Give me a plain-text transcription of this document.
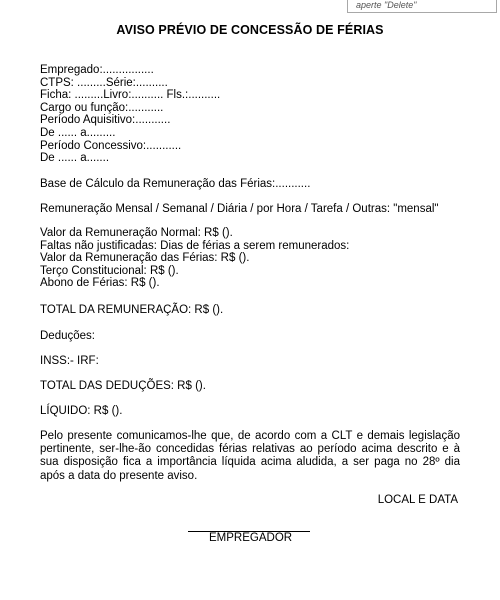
aperte "Delete"
AVISO PRÉVIO DE CONCESSÃO DE FÉRIAS
Empregado:................
CTPS: .........Série:..........
Ficha: .........Livro:.......... Fls.:..........
Cargo ou função:...........
Período Aquisitivo:...........
De ...... a.........
Período Concessivo:...........
De ...... a.......
Base de Cálculo da Remuneração das Férias:...........
Remuneração Mensal / Semanal / Diária / por Hora / Tarefa / Outras: "mensal"
Valor da Remuneração Normal: R$ ().
Faltas não justificadas: Dias de férias a serem remunerados:
Valor da Remuneração das Férias: R$ ().
Terço Constitucional: R$ ().
Abono de Férias: R$ ().
TOTAL DA REMUNERAÇÃO: R$ ().
Deduções:
INSS:- IRF:
TOTAL DAS DEDUÇÕES: R$ ().
LÍQUIDO: R$ ().
Pelo presente comunicamos-lhe que, de acordo com a CLT e demais legislação pertinente, ser-lhe-ão concedidas férias relativas ao período acima descrito e à sua disposição fica a importância líquida acima aludida, a ser paga no 28º dia após a data do presente aviso.
LOCAL E DATA
EMPREGADOR
